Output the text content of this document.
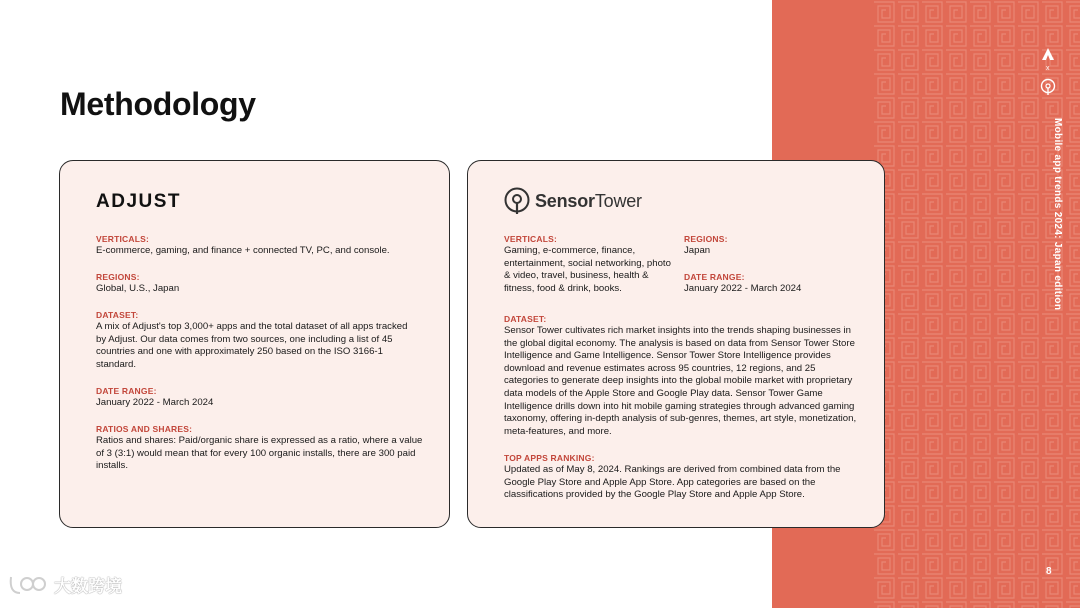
x
Mobile app trends 2024: Japan edition
8
Methodology
ADJUST
VERTICALS:
E-commerce, gaming, and finance + connected TV, PC, and console.
REGIONS:
Global, U.S., Japan
DATASET:
A mix of Adjust's top 3,000+ apps and the total dataset of all apps tracked by Adjust. Our data comes from two sources, one including a list of 45 countries and one with approximately 250 based on the ISO 3166-1 standard.
DATE RANGE:
January 2022 - March 2024
RATIOS AND SHARES:
Ratios and shares: Paid/organic share is expressed as a ratio, where a value of 3 (3:1) would mean that for every 100 organic installs, there are 300 paid installs.
SensorTower
VERTICALS:
Gaming, e-commerce, finance, entertainment, social networking, photo & video, travel, business, health & fitness, food & drink, books.
REGIONS:
Japan
DATE RANGE:
January 2022 - March 2024
DATASET:
Sensor Tower cultivates rich market insights into the trends shaping businesses in the global digital economy. The analysis is based on data from Sensor Tower Store Intelligence and Game Intelligence. Sensor Tower Store Intelligence provides download and revenue estimates across 95 countries, 12 regions, and 25 categories to generate deep insights into the global mobile market with proprietary data models of the Apple Store and Google Play data. Sensor Tower Game Intelligence drills down into hit mobile gaming strategies through advanced gaming taxonomy, offering in-depth analysis of sub-genres, themes, art style, monetization, meta-features, and more.
TOP APPS RANKING:
Updated as of May 8, 2024. Rankings are derived from combined data from the Google Play Store and Apple App Store. App categories are based on the classifications provided by the Google Play Store and Apple App Store.
大数跨境
